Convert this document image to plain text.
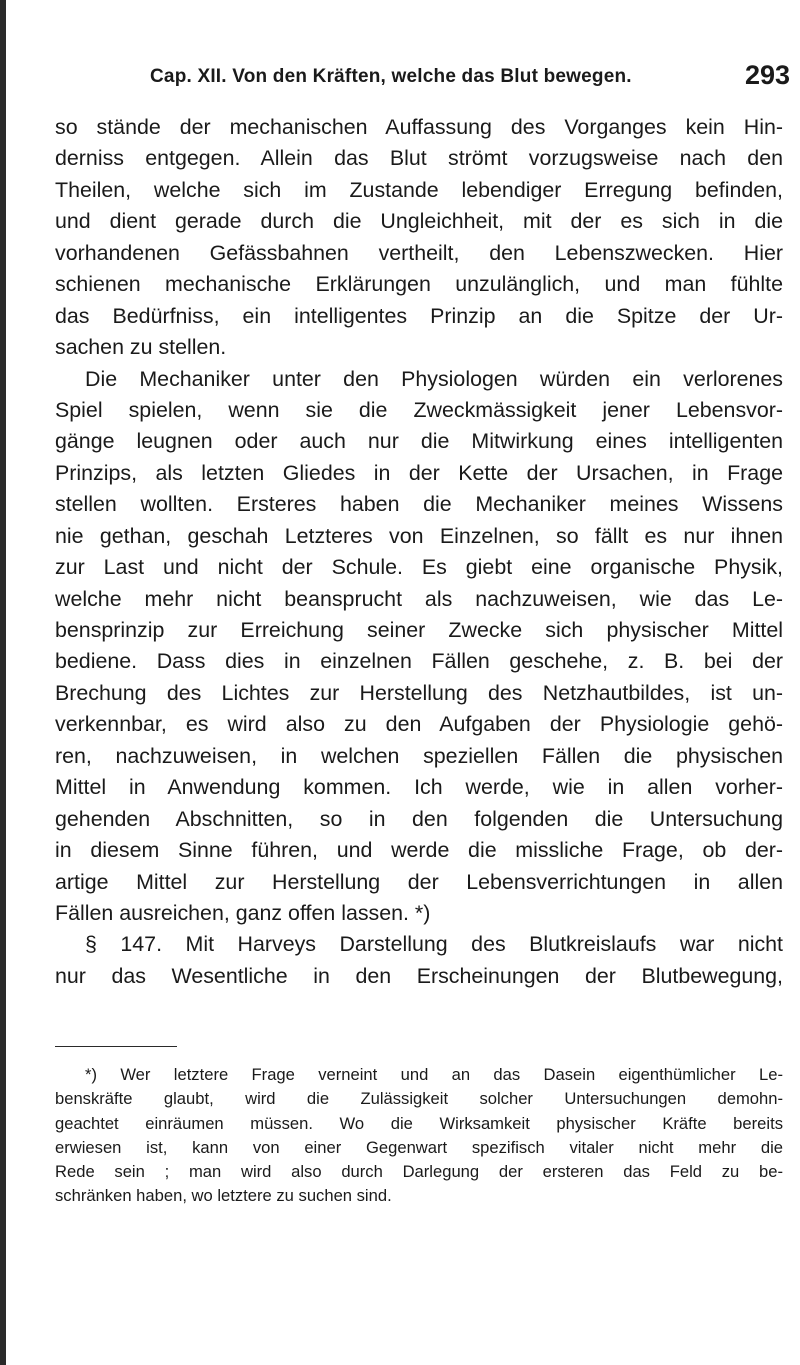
Cap. XII. Von den Kräften, welche das Blut bewegen.	293
so stände der mechanischen Auffassung des Vorganges kein Hin-
derniss entgegen. Allein das Blut strömt vorzugsweise nach den
Theilen, welche sich im Zustande lebendiger Erregung befinden,
und dient gerade durch die Ungleichheit, mit der es sich in die
vorhandenen Gefässbahnen vertheilt, den Lebenszwecken. Hier
schienen mechanische Erklärungen unzulänglich, und man fühlte
das Bedürfniss, ein intelligentes Prinzip an die Spitze der Ur-
sachen zu stellen.
Die Mechaniker unter den Physiologen würden ein verlorenes
Spiel spielen, wenn sie die Zweckmässigkeit jener Lebensvor-
gänge leugnen oder auch nur die Mitwirkung eines intelligenten
Prinzips, als letzten Gliedes in der Kette der Ursachen, in Frage
stellen wollten. Ersteres haben die Mechaniker meines Wissens
nie gethan, geschah Letzteres von Einzelnen, so fällt es nur ihnen
zur Last und nicht der Schule. Es giebt eine organische Physik,
welche mehr nicht beansprucht als nachzuweisen, wie das Le-
bensprinzip zur Erreichung seiner Zwecke sich physischer Mittel
bediene. Dass dies in einzelnen Fällen geschehe, z. B. bei der
Brechung des Lichtes zur Herstellung des Netzhautbildes, ist un-
verkennbar, es wird also zu den Aufgaben der Physiologie gehö-
ren, nachzuweisen, in welchen speziellen Fällen die physischen
Mittel in Anwendung kommen. Ich werde, wie in allen vorher-
gehenden Abschnitten, so in den folgenden die Untersuchung
in diesem Sinne führen, und werde die missliche Frage, ob der-
artige Mittel zur Herstellung der Lebensverrichtungen in allen
Fällen ausreichen, ganz offen lassen. *)
§ 147. Mit Harveys Darstellung des Blutkreislaufs war nicht
nur das Wesentliche in den Erscheinungen der Blutbewegung,
*) Wer letztere Frage verneint und an das Dasein eigenthümlicher Le-
benskräfte glaubt, wird die Zulässigkeit solcher Untersuchungen demohn-
geachtet einräumen müssen. Wo die Wirksamkeit physischer Kräfte bereits
erwiesen ist, kann von einer Gegenwart spezifisch vitaler nicht mehr die
Rede sein ; man wird also durch Darlegung der ersteren das Feld zu be-
schränken haben, wo letztere zu suchen sind.
